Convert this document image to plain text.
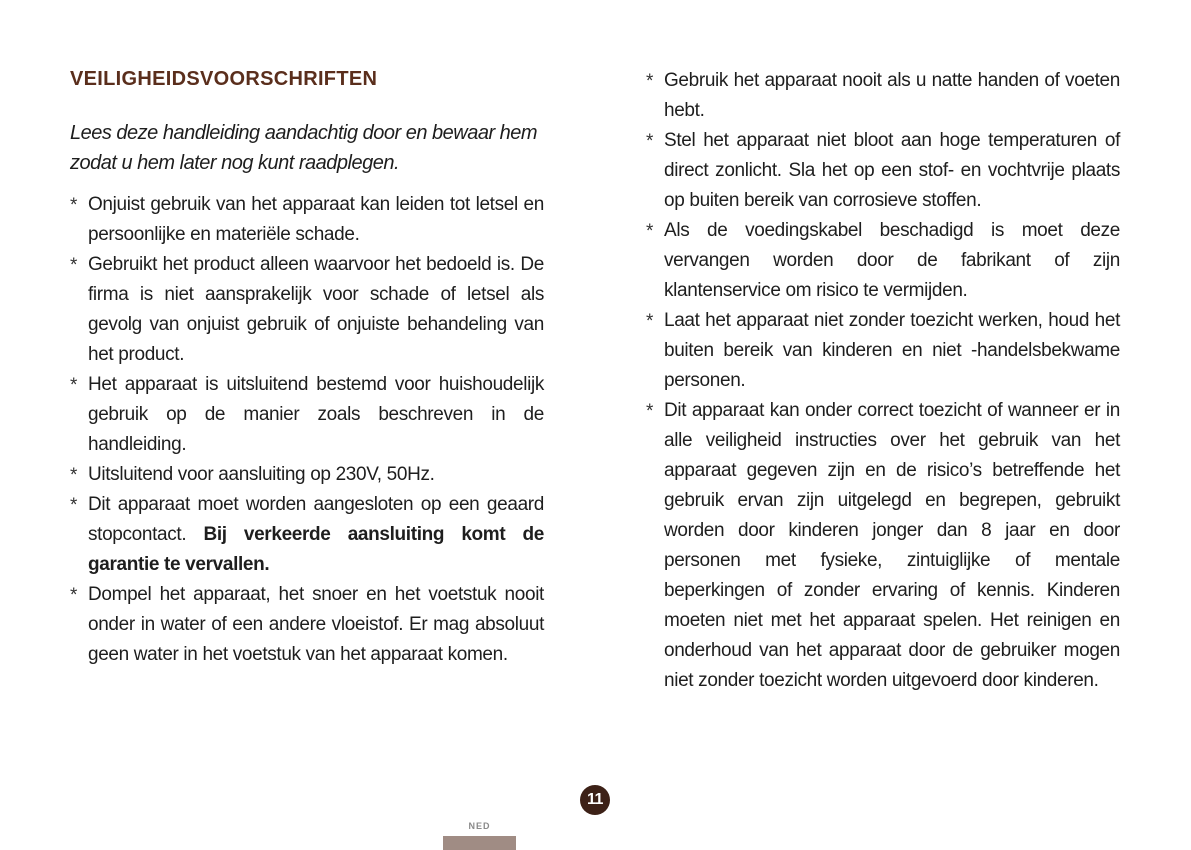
VEILIGHEIDSVOORSCHRIFTEN

Lees deze handleiding aandachtig door en bewaar hem zodat u hem later nog kunt raadplegen.

* Onjuist gebruik van het apparaat kan leiden tot letsel en persoonlijke en materiële schade.
* Gebruikt het product alleen waarvoor het bedoeld is. De firma is niet aansprakelijk voor schade of letsel als gevolg van onjuist gebruik of onjuiste behandeling van het product.
* Het apparaat is uitsluitend bestemd voor huishoudelijk gebruik op de manier zoals beschreven in de handleiding.
* Uitsluitend voor aansluiting op 230V, 50Hz.
* Dit apparaat moet worden aangesloten op een geaard stopcontact. Bij verkeerde aansluiting komt de garantie te vervallen.
* Dompel het apparaat, het snoer en het voetstuk nooit onder in water of een andere vloeistof. Er mag absoluut geen water in het voetstuk van het apparaat komen.
* Gebruik het apparaat nooit als u natte handen of voeten hebt.
* Stel het apparaat niet bloot aan hoge temperaturen of direct zonlicht. Sla het op een stof- en vochtvrije plaats op buiten bereik van corrosieve stoffen.
* Als de voedingskabel beschadigd is moet deze vervangen worden door de fabrikant of zijn klantenservice om risico te vermijden.
* Laat het apparaat niet zonder toezicht werken, houd het buiten bereik van kinderen en niet -handelsbekwame personen.
* Dit apparaat kan onder correct toezicht of wanneer er in alle veiligheid instructies over het gebruik van het apparaat gegeven zijn en de risico’s betreffende het gebruik ervan zijn uitgelegd en begrepen, gebruikt worden door kinderen jonger dan 8 jaar en door personen met fysieke, zintuiglijke of mentale beperkingen of zonder ervaring of kennis. Kinderen moeten niet met het apparaat spelen. Het reinigen en onderhoud van het apparaat door de gebruiker mogen niet zonder toezicht worden uitgevoerd door kinderen.
11
NED
